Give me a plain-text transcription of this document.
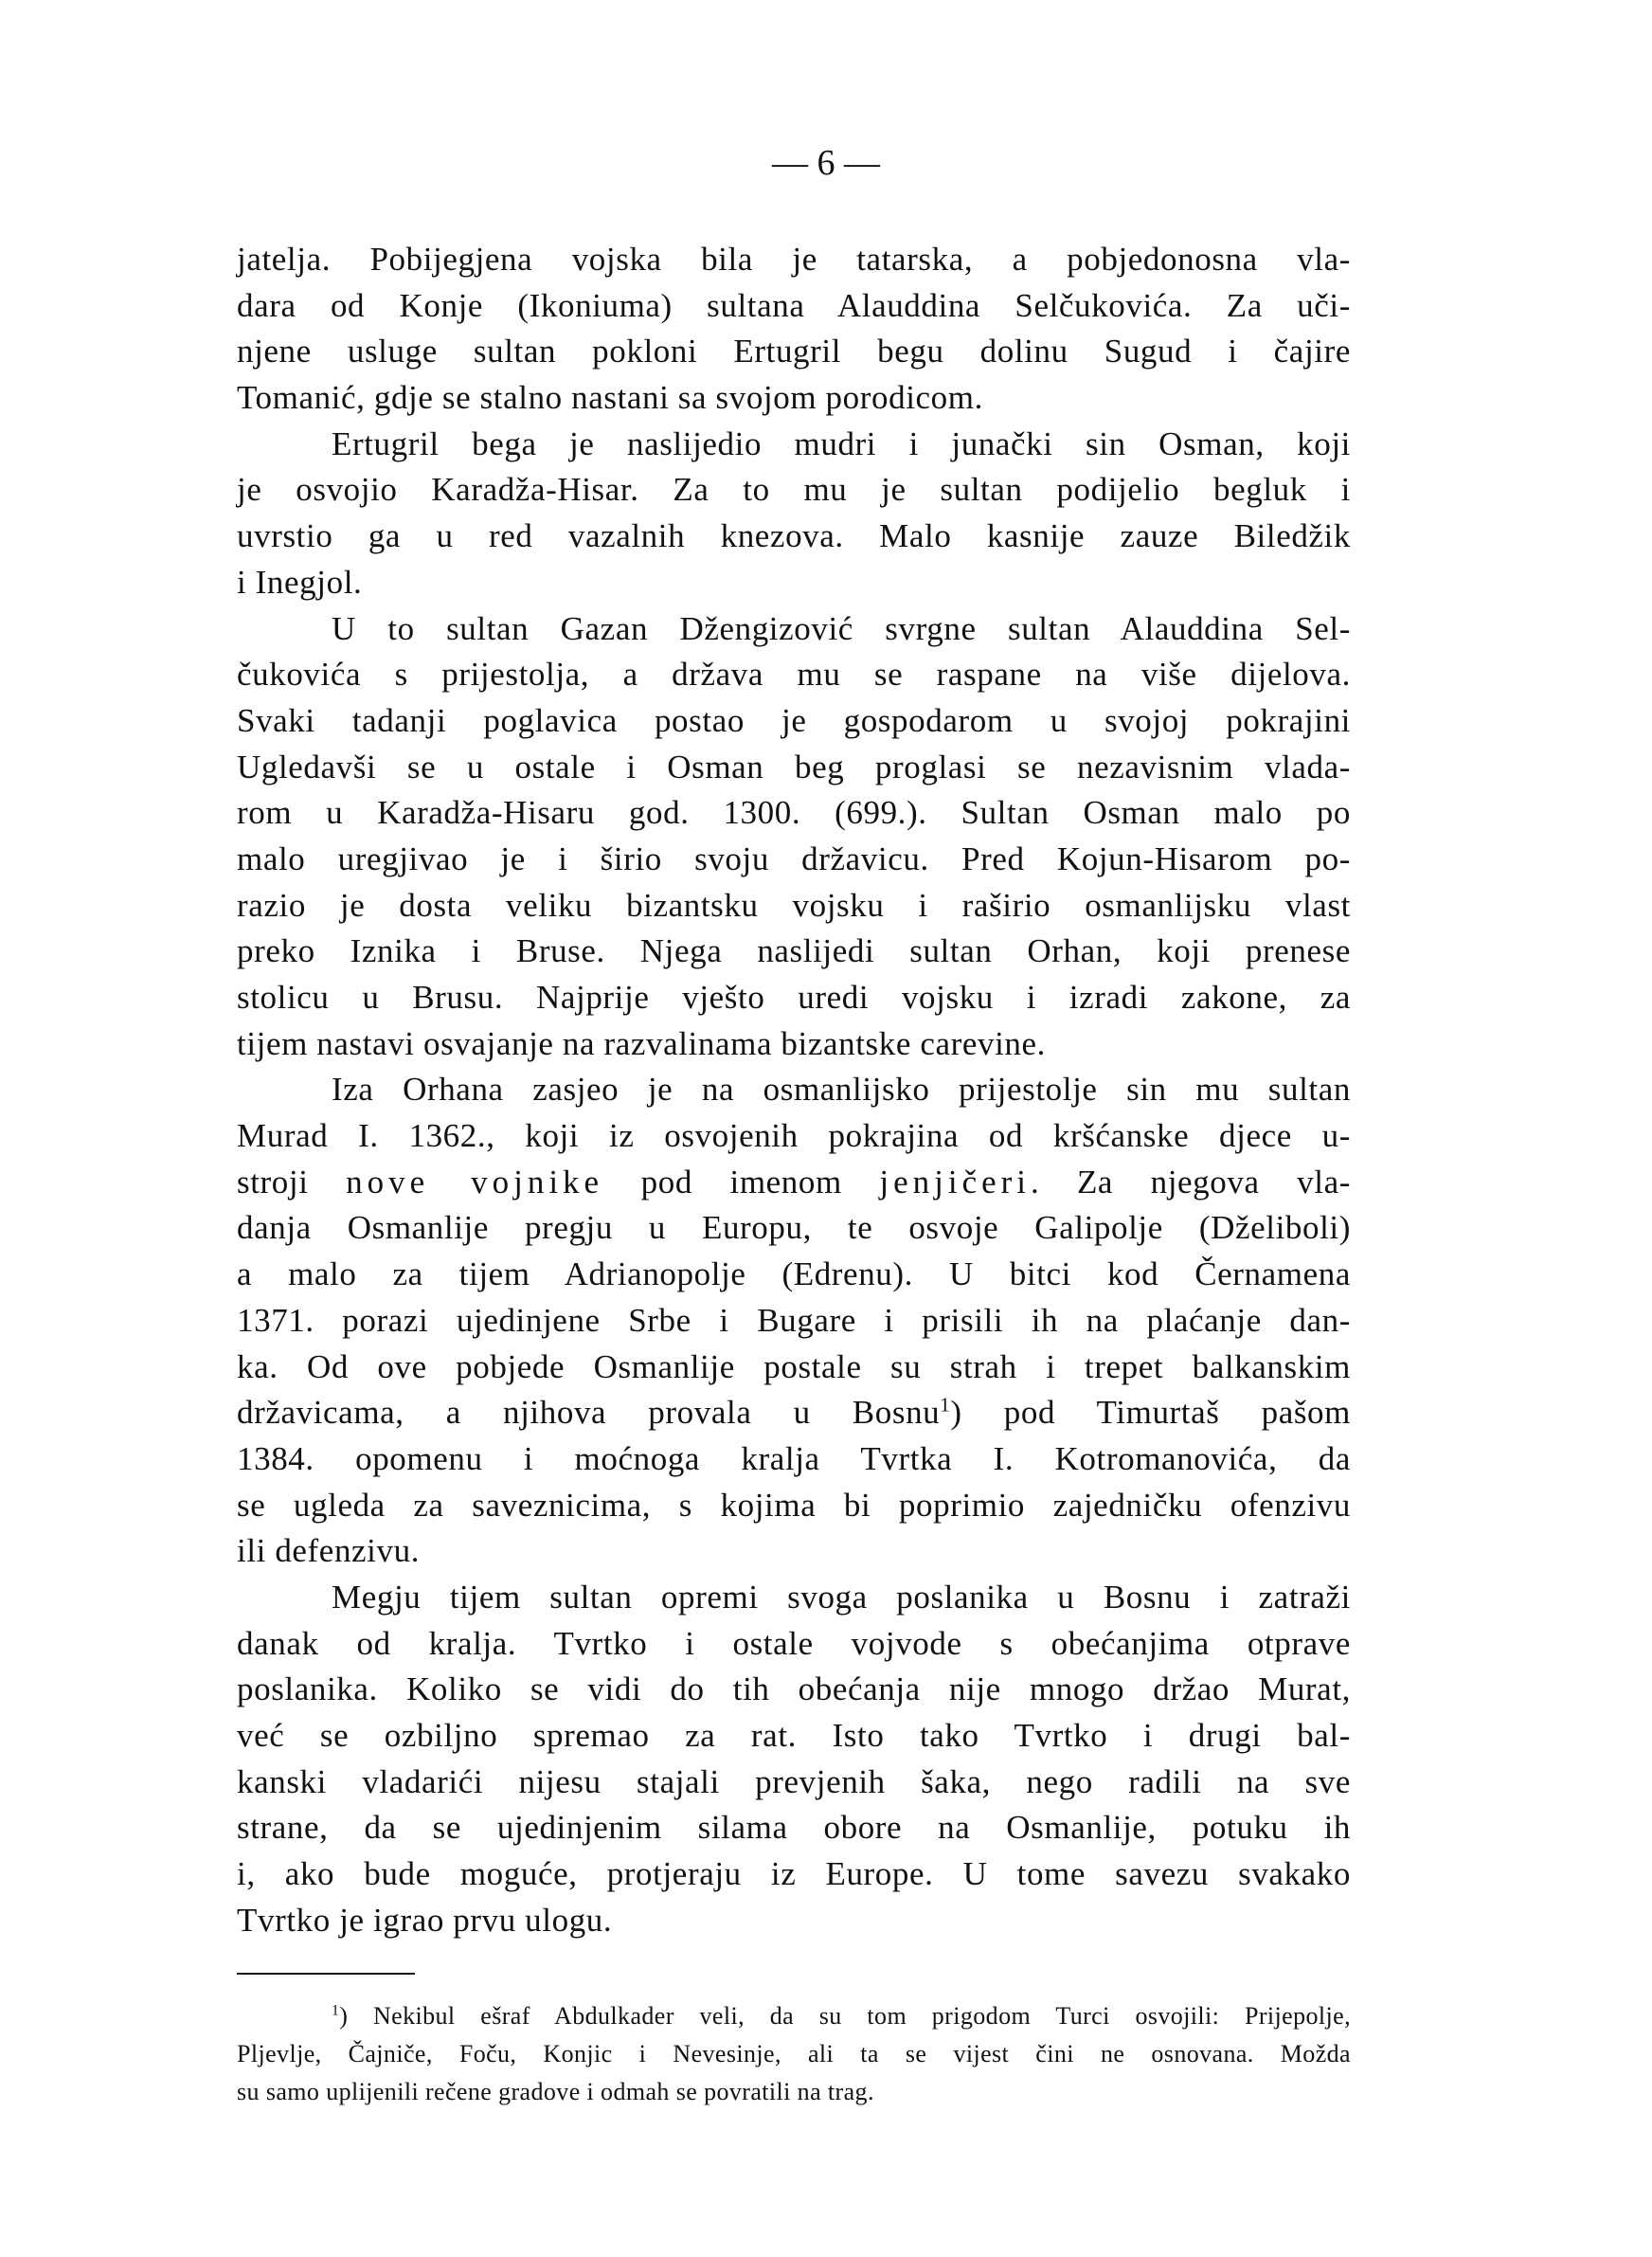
— 6 —
jatelja. Pobijegjena vojska bila je tatarska, a pobjedonosna vla-
dara od Konje (Ikoniuma) sultana Alauddina Selčukovića. Za uči-
njene usluge sultan pokloni Ertugril begu dolinu Sugud i čajire
Tomanić, gdje se stalno nastani sa svojom porodicom.
Ertugril bega je naslijedio mudri i junački sin Osman, koji
je osvojio Karadža-Hisar. Za to mu je sultan podijelio begluk i
uvrstio ga u red vazalnih knezova. Malo kasnije zauze Biledžik
i Inegjol.
U to sultan Gazan Džengizović svrgne sultan Alauddina Sel-
čukovića s prijestolja, a država mu se raspane na više dijelova.
Svaki tadanji poglavica postao je gospodarom u svojoj pokrajini
Ugledavši se u ostale i Osman beg proglasi se nezavisnim vlada-
rom u Karadža-Hisaru god. 1300. (699.). Sultan Osman malo po
malo uregjivao je i širio svoju državicu. Pred Kojun-Hisarom po-
razio je dosta veliku bizantsku vojsku i raširio osmanlijsku vlast
preko Iznika i Bruse. Njega naslijedi sultan Orhan, koji prenese
stolicu u Brusu. Najprije vješto uredi vojsku i izradi zakone, za
tijem nastavi osvajanje na razvalinama bizantske carevine.
Iza Orhana zasjeo je na osmanlijsko prijestolje sin mu sultan
Murad I. 1362., koji iz osvojenih pokrajina od kršćanske djece u-
stroji nove vojnike pod imenom jenjičeri. Za njegova vla-
danja Osmanlije pregju u Europu, te osvoje Galipolje (Dželiboli)
a malo za tijem Adrianopolje (Edrenu). U bitci kod Černamena
1371. porazi ujedinjene Srbe i Bugare i prisili ih na plaćanje dan-
ka. Od ove pobjede Osmanlije postale su strah i trepet balkanskim
državicama, a njihova provala u Bosnu$^1$) pod Timurtaš pašom
1384. opomenu i moćnoga kralja Tvrtka I. Kotromanovića, da
se ugleda za saveznicima, s kojima bi poprimio zajedničku ofenzivu
ili defenzivu.
Megju tijem sultan opremi svoga poslanika u Bosnu i zatraži
danak od kralja. Tvrtko i ostale vojvode s obećanjima otprave
poslanika. Koliko se vidi do tih obećanja nije mnogo držao Murat,
već se ozbiljno spremao za rat. Isto tako Tvrtko i drugi bal-
kanski vladarići nijesu stajali prevjenih šaka, nego radili na sve
strane, da se ujedinjenim silama obore na Osmanlije, potuku ih
i, ako bude moguće, protjeraju iz Europe. U tome savezu svakako
Tvrtko je igrao prvu ulogu.
$^1$) Nekibul ešraf Abdulkader veli, da su tom prigodom Turci osvojili: Prijepolje,
Pljevlje, Čajniče, Foču, Konjic i Nevesinje, ali ta se vijest čini ne osnovana. Možda
su samo uplijenili rečene gradove i odmah se povratili na trag.
